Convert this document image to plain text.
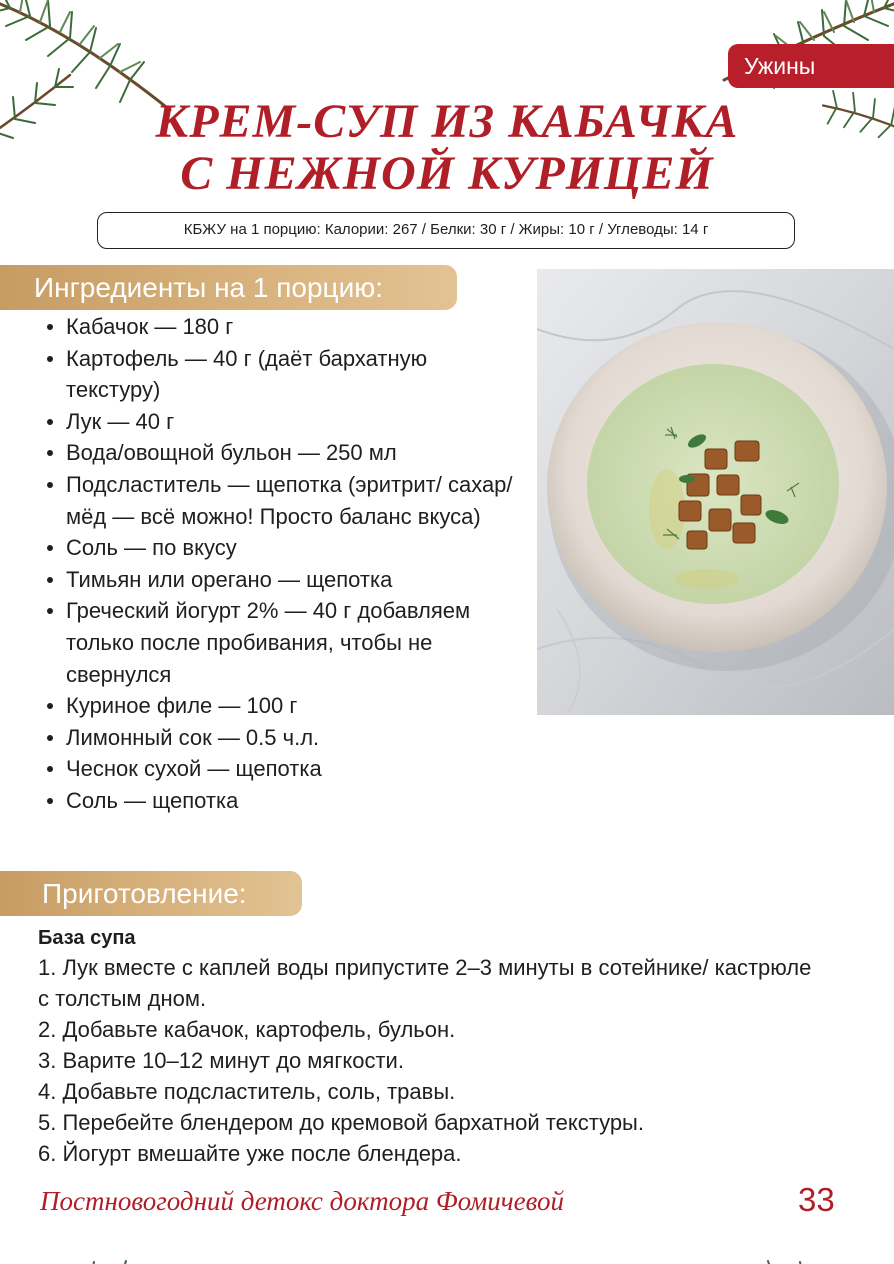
Ужины
КРЕМ-СУП ИЗ КАБАЧКА
С НЕЖНОЙ КУРИЦЕЙ
КБЖУ на 1 порцию: Калории: 267 / Белки: 30 г / Жиры: 10 г / Углеводы: 14 г
Ингредиенты на 1 порцию:
Кабачок — 180 г
Картофель — 40 г (даёт бархатную текстуру)
Лук — 40 г
Вода/овощной бульон — 250 мл
Подсластитель — щепотка (эритрит/ сахар/мёд — всё можно! Просто баланс вкуса)
Соль — по вкусу
Тимьян или орегано — щепотка
Греческий йогурт 2% — 40 г добавляем только после пробивания, чтобы не свернулся
Куриное филе — 100 г
Лимонный сок — 0.5 ч.л.
Чеснок сухой — щепотка
Соль — щепотка
Приготовление:
База супа
1. Лук вместе с каплей воды припустите 2–3 минуты в сотейнике/ кастрюле с толстым дном.
2. Добавьте кабачок, картофель, бульон.
3. Варите 10–12 минут до мягкости.
4. Добавьте подсластитель, соль, травы.
5. Перебейте блендером до кремовой бархатной текстуры.
6. Йогурт вмешайте уже после блендера.
Постновогодний детокс доктора Фомичевой	33
